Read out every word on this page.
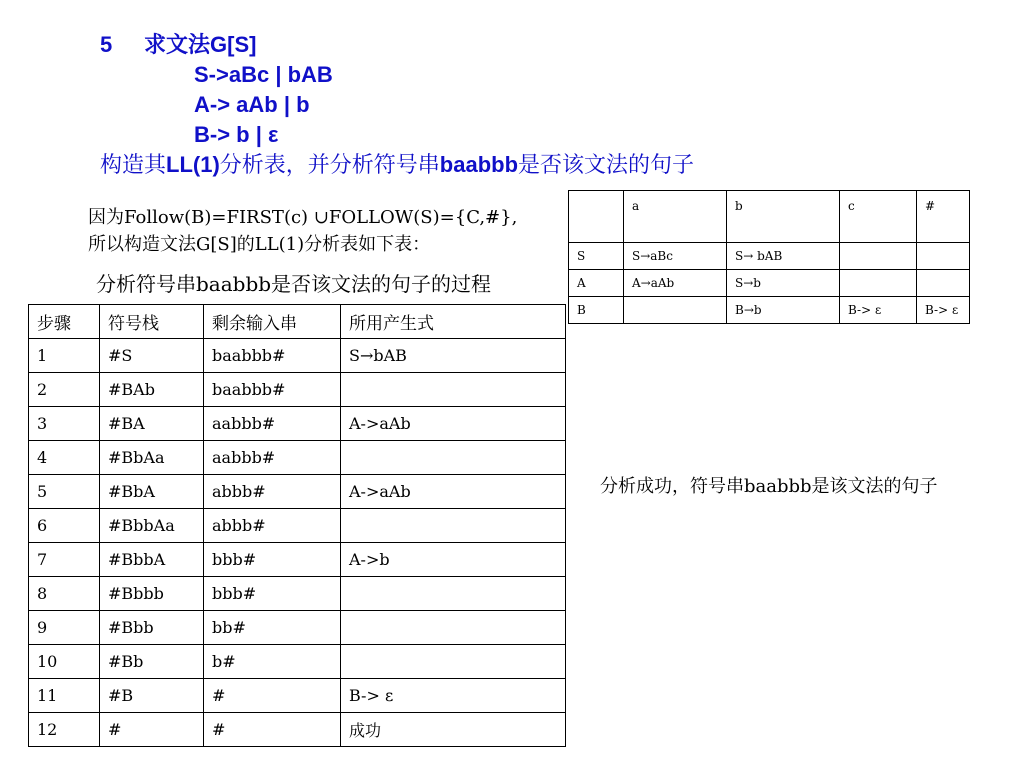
5 求文法G[S]
S->aBc | bAB
A-> aAb | b
B-> b | ε
构造其LL(1)分析表，并分析符号串baabbb是否该文法的句子
因为Follow(B)=FIRST(c) ∪FOLLOW(S)={C,#},
所以构造文法G[S]的LL(1)分析表如下表：
分析符号串baabbb是否该文法的句子的过程
	a	b	c	#
S	S→aBc	S→ bAB		
A	A→aAb	S→b		
B		B→b	B-> ε	B-> ε
步骤	符号栈	剩余输入串	所用产生式
1	#S	baabbb#	S→bAB
2	#BAb	baabbb#	
3	#BA	aabbb#	A->aAb
4	#BbAa	aabbb#	
5	#BbA	abbb#	A->aAb
6	#BbbAa	abbb#	
7	#BbbA	bbb#	A->b
8	#Bbbb	bbb#	
9	#Bbb	bb#	
10	#Bb	b#	
11	#B	#	B-> ε
12	#	#	成功
分析成功，符号串baabbb是该文法的句子
